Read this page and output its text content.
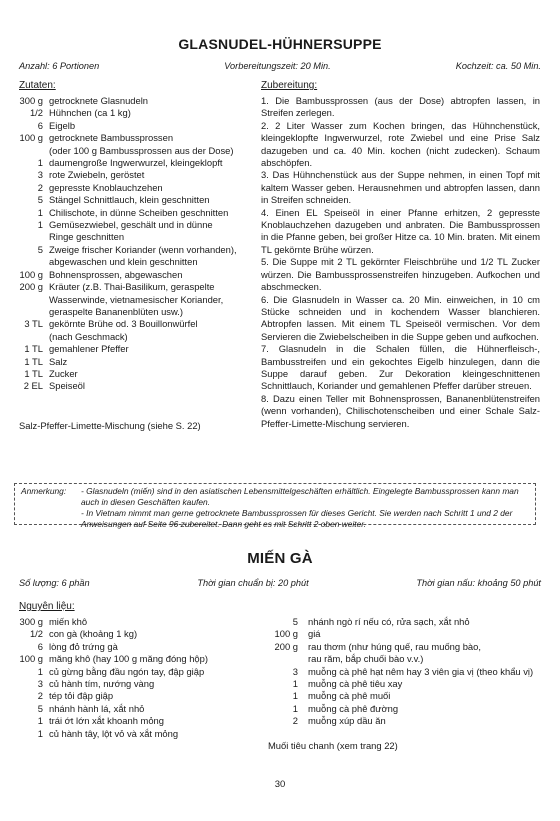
GLASNUDEL-HÜHNERSUPPE
Anzahl: 6 Portionen	Vorbereitungszeit: 20 Min.	Kochzeit: ca. 50 Min.
Zutaten:
300 g getrocknete Glasnudeln
1/2 Hühnchen (ca 1 kg)
6 Eigelb
100 g getrocknete Bambussprossen
(oder 100 g Bambussprossen aus der Dose)
1 daumengroße Ingwerwurzel, kleingeklopft
3 rote Zwiebeln, geröstet
2 gepresste Knoblauchzehen
5 Stängel Schnittlauch, klein geschnitten
1 Chilischote, in dünne Scheiben geschnitten
1 Gemüsezwiebel, geschält und in dünne
Ringe geschnitten
5 Zweige frischer Koriander (wenn vorhanden),
abgewaschen und klein geschnitten
100 g Bohnensprossen, abgewaschen
200 g Kräuter (z.B. Thai-Basilikum, geraspelte
Wasserwinde, vietnamesischer Koriander,
geraspelte Bananenblüten usw.)
3 TL gekörnte Brühe od. 3 Bouillonwürfel
(nach Geschmack)
1 TL gemahlener Pfeffer
1 TL Salz
1 TL Zucker
2 EL Speiseöl
Salz-Pfeffer-Limette-Mischung (siehe S. 22)
Zubereitung:

1. Die Bambussprossen (aus der Dose) abtropfen lassen, in Streifen zerlegen.

2. 2 Liter Wasser zum Kochen bringen, das Hühnchenstück, kleingeklopfte Ingwerwurzel, rote Zwiebel und eine Prise Salz dazugeben und ca. 40 Min. kochen (nicht zudecken). Schaum abschöpfen.

3. Das Hühnchenstück aus der Suppe nehmen, in einen Topf mit kaltem Wasser geben. Herausnehmen und abtropfen lassen, dann in Streifen schneiden.

4. Einen EL Speiseöl in einer Pfanne erhitzen, 2 gepresste Knoblauchzehen dazugeben und anbraten. Die Bambussprossen in die Pfanne geben, bei großer Hitze ca. 10 Min. braten. Mit einem TL gekörnte Brühe würzen.

5. Die Suppe mit 2 TL gekörnter Fleischbrühe und 1/2 TL Zucker würzen. Die Bambussprossenstreifen hinzugeben. Aufkochen und abschmecken.

6. Die Glasnudeln in Wasser ca. 20 Min. einweichen, in 10 cm Stücke schneiden und in kochendem Wasser blanchieren. Abtropfen lassen. Mit einem TL Speiseöl vermischen. Vor dem Servieren die Zwiebelscheiben in die Suppe geben und aufkochen.

7. Glasnudeln in die Schalen füllen, die Hühnerfleisch-, Bambusstreifen und ein gekochtes Eigelb hinzulegen, dann die Suppe darauf geben. Zur Dekoration kleingeschnittenen Schnittlauch, Koriander und gemahlenen Pfeffer darüber streuen.

8. Dazu einen Teller mit Bohnensprossen, Bananenblütenstreifen (wenn vorhanden), Chilischotenscheiben und einer Schale Salz-Pfeffer-Limette-Mischung servieren.

Anmerkung:	- Glasnudeln (miến) sind in den asiatischen Lebensmittelgeschäften erhältlich. Eingelegte Bambussprossen kann man auch in diesen Geschäften kaufen.
- In Vietnam nimmt man gerne getrocknete Bambussprossen für dieses Gericht. Sie werden nach Schritt 1 und 2 der Anweisungen auf Seite 96 zubereitet. Dann geht es mit Schritt 2 oben weiter.
MIẾN GÀ
Số lượng: 6 phần	Thời gian chuẩn bị: 20 phút	Thời gian nấu: khoảng 50 phút
Nguyên liệu:
300 g miến khô
1/2 con gà (khoảng 1 kg)
6 lòng đỏ trứng gà
100 g măng khô (hay 100 g măng đóng hộp)
1 củ gừng bằng đầu ngón tay, đập giập
3 củ hành tím, nướng vàng
2 tép tỏi đập giập
5 nhánh hành lá, xắt nhỏ
1 trái ớt lớn xắt khoanh mỏng
1 củ hành tây, lột vỏ và xắt mỏng
5 nhánh ngò rí nếu có, rửa sạch, xắt nhỏ
100 g giá
200 g rau thơm (như húng quế, rau muống bào,
rau răm, bắp chuối bào v.v.)
3 muỗng cà phê hạt nêm hay 3 viên gia vị (theo khẩu vị)
1 muỗng cà phê tiêu xay
1 muỗng cà phê muối
1 muỗng cà phê đường
2 muỗng xúp dầu ăn
Muối tiêu chanh (xem trang 22)
30
